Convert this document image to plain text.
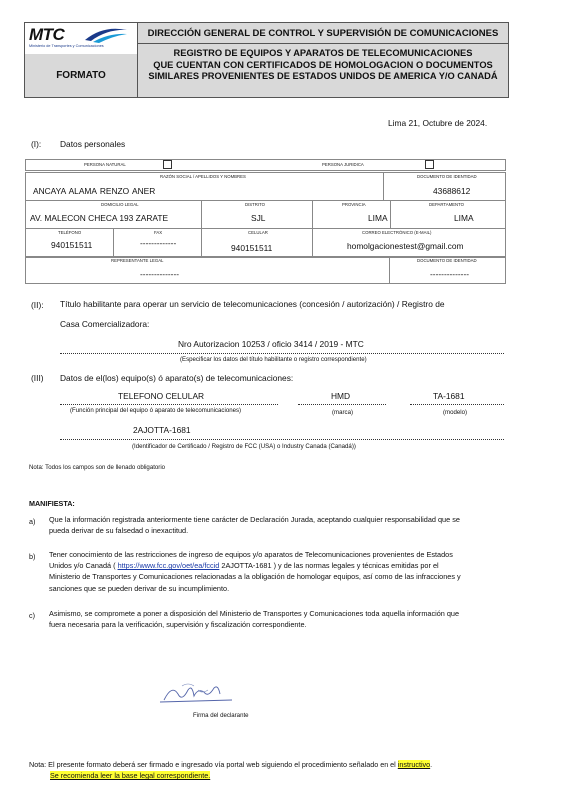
MTC
Ministerio de Transportes y Comunicaciones
FORMATO
DIRECCIÓN GENERAL DE CONTROL Y SUPERVISIÓN DE COMUNICACIONES
REGISTRO DE EQUIPOS Y APARATOS DE TELECOMUNICACIONES
QUE CUENTAN CON CERTIFICADOS DE HOMOLOGACION O DOCUMENTOS
SIMILARES PROVENIENTES DE ESTADOS UNIDOS DE AMERICA Y/O CANADÁ
Lima 21, Octubre de 2024.
(I): Datos personales
PERSONA NATURAL	PERSONA JURIDICA
RAZÓN SOCIAL / APELLIDOS Y NOMBRES
ANCAYA ALAMA RENZO ANER
DOCUMENTO DE IDENTIDAD
43688612
DOMICILIO LEGAL
AV. MALECON CHECA 193 ZARATE
DISTRITO
SJL
PROVINCIA
LIMA
DEPARTAMENTO
LIMA
TELÉFONO
940151511
FAX
-------------
CELULAR
940151511
CORREO ELECTRÓNICO (E-MAIL)
homolgacionestest@gmail.com
REPRESENTANTE LEGAL
--------------
DOCUMENTO DE IDENTIDAD
--------------
(II): Título habilitante para operar un servicio de telecomunicaciones (concesión / autorización) / Registro de
Casa Comercializadora:
Nro Autorizacion 10253 / oficio 3414 / 2019 - MTC
(Especificar los datos del título habilitante o registro correspondiente)
(III) Datos de el(los) equipo(s) ó aparato(s) de telecomunicaciones:
TELEFONO CELULAR
(Función principal del equipo ó aparato de telecomunicaciones)
HMD
(marca)
TA-1681
(modelo)
2AJOTTA-1681
(Identificador de Certificado / Registro de FCC (USA) o Industry Canada (Canadá))
Nota: Todos los campos son de llenado obligatorio
MANIFIESTA:
a) Que la información registrada anteriormente tiene carácter de Declaración Jurada, aceptando cualquier responsabilidad que se
pueda derivar de su falsedad o inexactitud.
b) Tener conocimiento de las restricciones de ingreso de equipos y/o aparatos de Telecomunicaciones provenientes de Estados
Unidos y/o Canadá ( https://www.fcc.gov/oet/ea/fccid 2AJOTTA-1681 ) y de las normas legales y técnicas emitidas por el
Ministerio de Transportes y Comunicaciones relacionadas a la obligación de homologar equipos, así como de las infracciones y
sanciones que se pueden derivar de su incumplimiento.
c) Asimismo, se compromete a poner a disposición del Ministerio de Transportes y Comunicaciones toda aquella información que
fuera necesaria para la verificación, supervisión y fiscalización correspondiente.
Firma del declarante
Nota: El presente formato deberá ser firmado e ingresado vía portal web siguiendo el procedimiento señalado en el instructivo.
Se recomienda leer la base legal correspondiente.
